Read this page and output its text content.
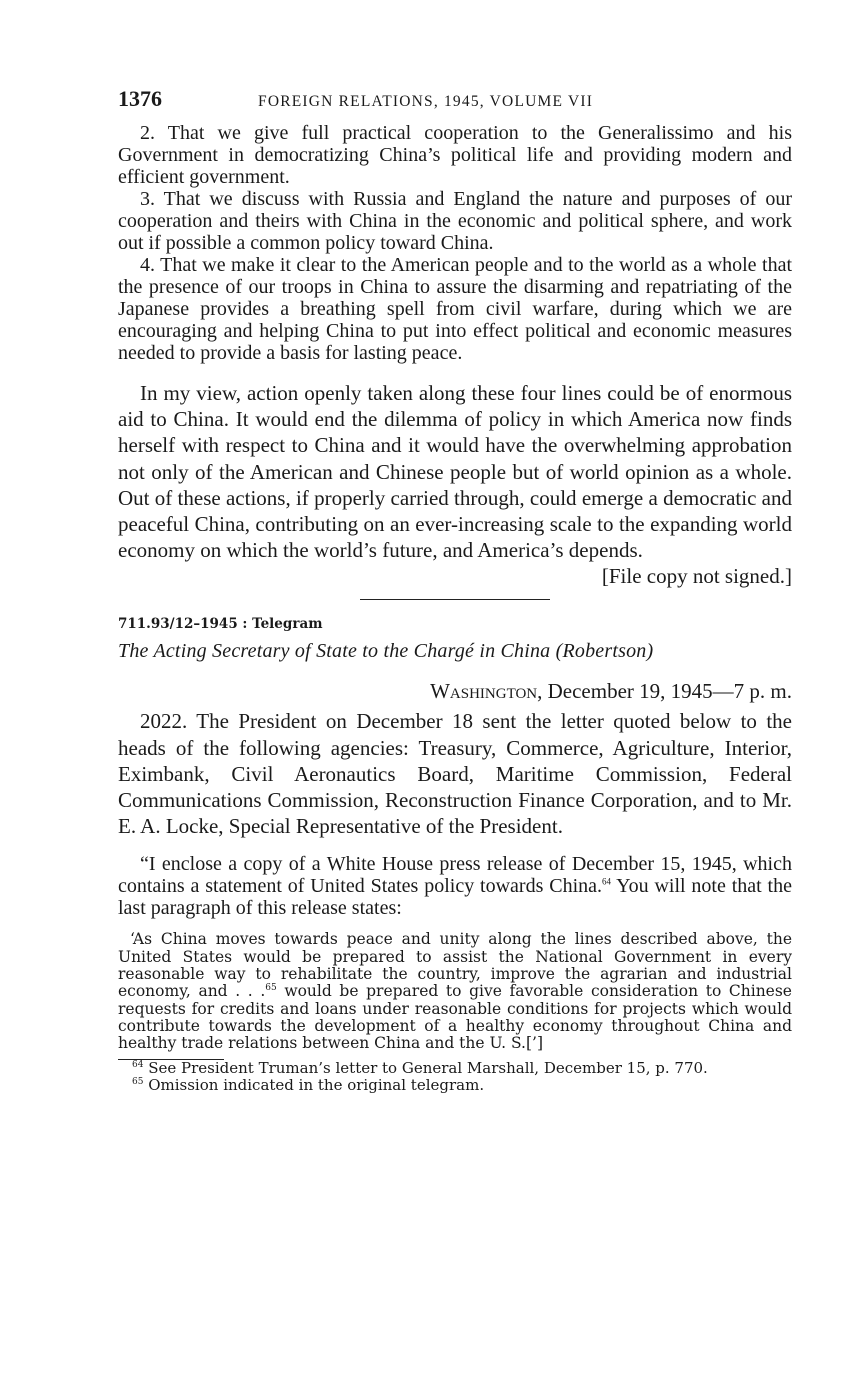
1376	FOREIGN RELATIONS, 1945, VOLUME VII

2. That we give full practical cooperation to the Generalissimo and his Government in democratizing China’s political life and providing modern and efficient government.

3. That we discuss with Russia and England the nature and purposes of our cooperation and theirs with China in the economic and political sphere, and work out if possible a common policy toward China.

4. That we make it clear to the American people and to the world as a whole that the presence of our troops in China to assure the disarming and repatriating of the Japanese provides a breathing spell from civil warfare, during which we are encouraging and helping China to put into effect political and economic measures needed to provide a basis for lasting peace.

In my view, action openly taken along these four lines could be of enormous aid to China. It would end the dilemma of policy in which America now finds herself with respect to China and it would have the overwhelming approbation not only of the American and Chinese people but of world opinion as a whole. Out of these actions, if properly carried through, could emerge a democratic and peaceful China, contributing on an ever-increasing scale to the expanding world economy on which the world’s future, and America’s depends.

[File copy not signed.]

711.93/12–1945 : Telegram
The Acting Secretary of State to the Chargé in China (Robertson)
Washington, December 19, 1945—7 p. m.

2022. The President on December 18 sent the letter quoted below to the heads of the following agencies: Treasury, Commerce, Agriculture, Interior, Eximbank, Civil Aeronautics Board, Maritime Commission, Federal Communications Commission, Reconstruction Finance Corporation, and to Mr. E. A. Locke, Special Representative of the President.

“I enclose a copy of a White House press release of December 15, 1945, which contains a statement of United States policy towards China.$^{64}$ You will note that the last paragraph of this release states:

‘As China moves towards peace and unity along the lines described above, the United States would be prepared to assist the National Government in every reasonable way to rehabilitate the country, improve the agrarian and industrial economy, and . . .$^{65}$ would be prepared to give favorable consideration to Chinese requests for credits and loans under reasonable conditions for projects which would contribute towards the development of a healthy economy throughout China and healthy trade relations between China and the U. S.[’]

$^{64}$ See President Truman’s letter to General Marshall, December 15, p. 770.

$^{65}$ Omission indicated in the original telegram.
